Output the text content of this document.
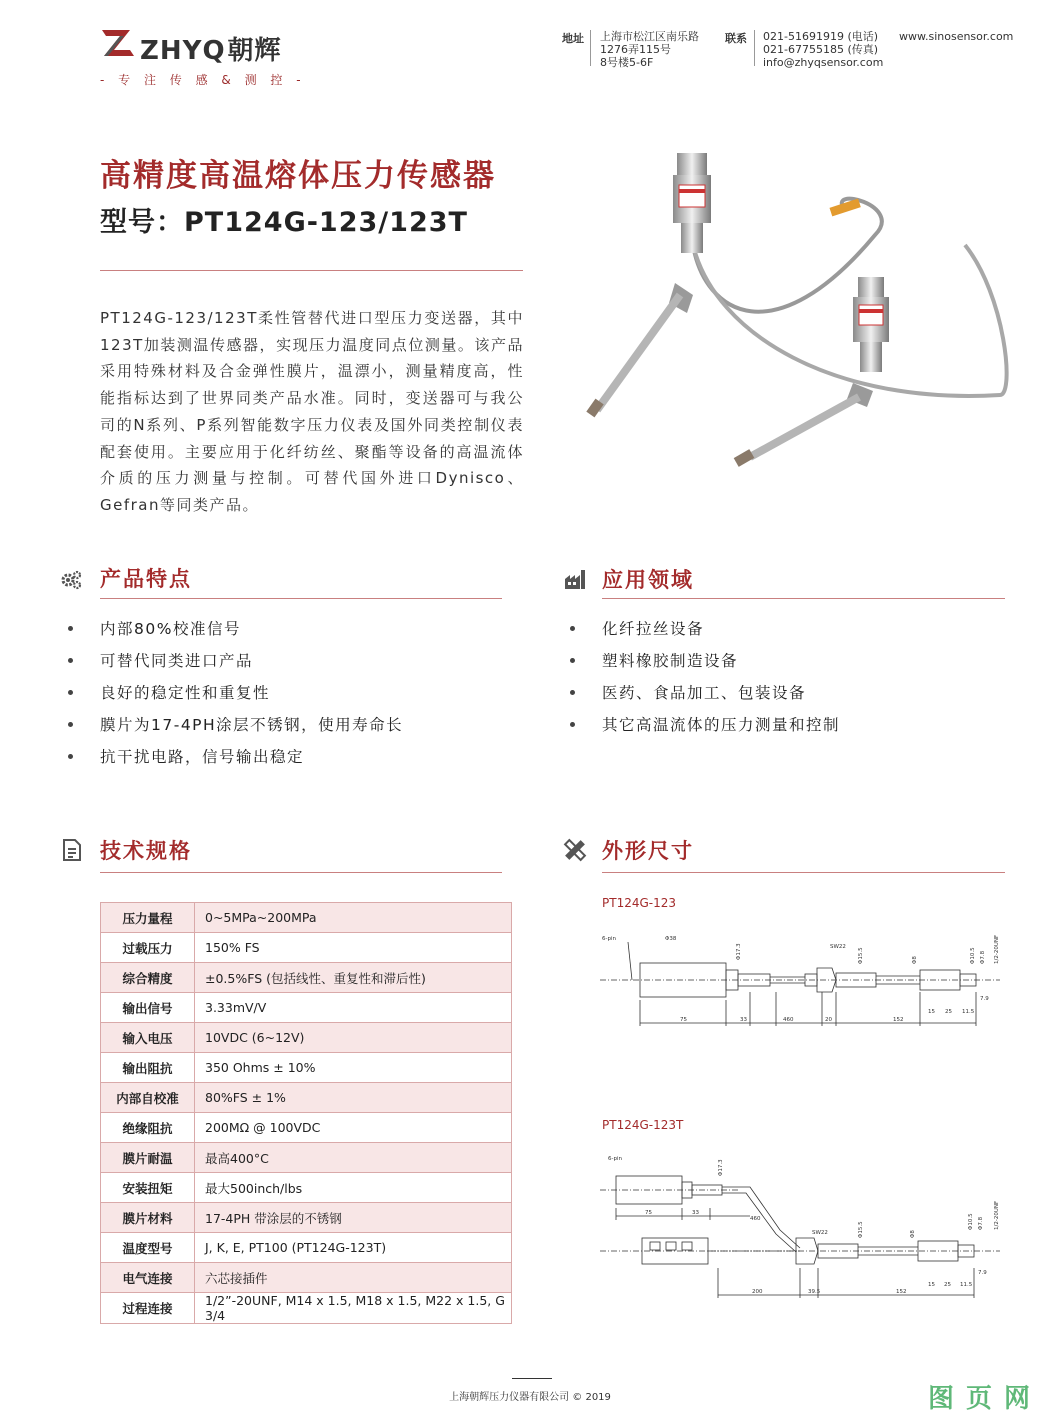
ZHYQ朝辉
- 专 注 传 感 & 测 控 -
地址 上海市松江区南乐路
1276弄115号
8号楼5-6F
联系 021-51691919 (电话)
021-67755185 (传真)
info@zhyqsensor.com
www.sinosensor.com
高精度高温熔体压力传感器
型号：PT124G-123/123T
PT124G-123/123T柔性管替代进口型压力变送器，其中123T加装测温传感器，实现压力温度同点位测量。该产品采用特殊材料及合金弹性膜片，温漂小，测量精度高，性能指标达到了世界同类产品水准。同时，变送器可与我公司的N系列、P系列智能数字压力仪表及国外同类控制仪表配套使用。主要应用于化纤纺丝、聚酯等设备的高温流体介质的压力测量与控制。可替代国外进口Dynisco、Gefran等同类产品。
产品特点
内部80%校准信号
可替代同类进口产品
良好的稳定性和重复性
膜片为17-4PH涂层不锈钢，使用寿命长
抗干扰电路，信号输出稳定
应用领域
化纤拉丝设备
塑料橡胶制造设备
医药、食品加工、包装设备
其它高温流体的压力测量和控制
技术规格
压力量程	0~5MPa~200MPa
过载压力	150% FS
综合精度	±0.5%FS (包括线性、重复性和滞后性)
输出信号	3.33mV/V
输入电压	10VDC (6~12V)
输出阻抗	350 Ohms ± 10%
内部自校准	80%FS ± 1%
绝缘阻抗	200MΩ @ 100VDC
膜片耐温	最高400°C
安装扭矩	最大500inch/lbs
膜片材料	17-4PH 带涂层的不锈钢
温度型号	J, K, E, PT100 (PT124G-123T)
电气连接	六芯接插件
过程连接	1/2”-20UNF, M14 x 1.5, M18 x 1.5, M22 x 1.5, G 3/4
外形尺寸
PT124G-123
6-pin	Φ38
Φ17.3	SW22
Φ15.5	Φ8	Φ10.5 Φ7.8 1/2-20UNF
75	33	460	20	152
15 25 11.5
7.9
PT124G-123T
6-pin
Φ17.3
75	33
460
SW22	Φ15.5	Φ8
Φ10.5 Φ7.8 1/2-20UNF
200	39.5	152
15 25 11.5
7.9
上海朝辉压力仪器有限公司 © 2019	图页网
